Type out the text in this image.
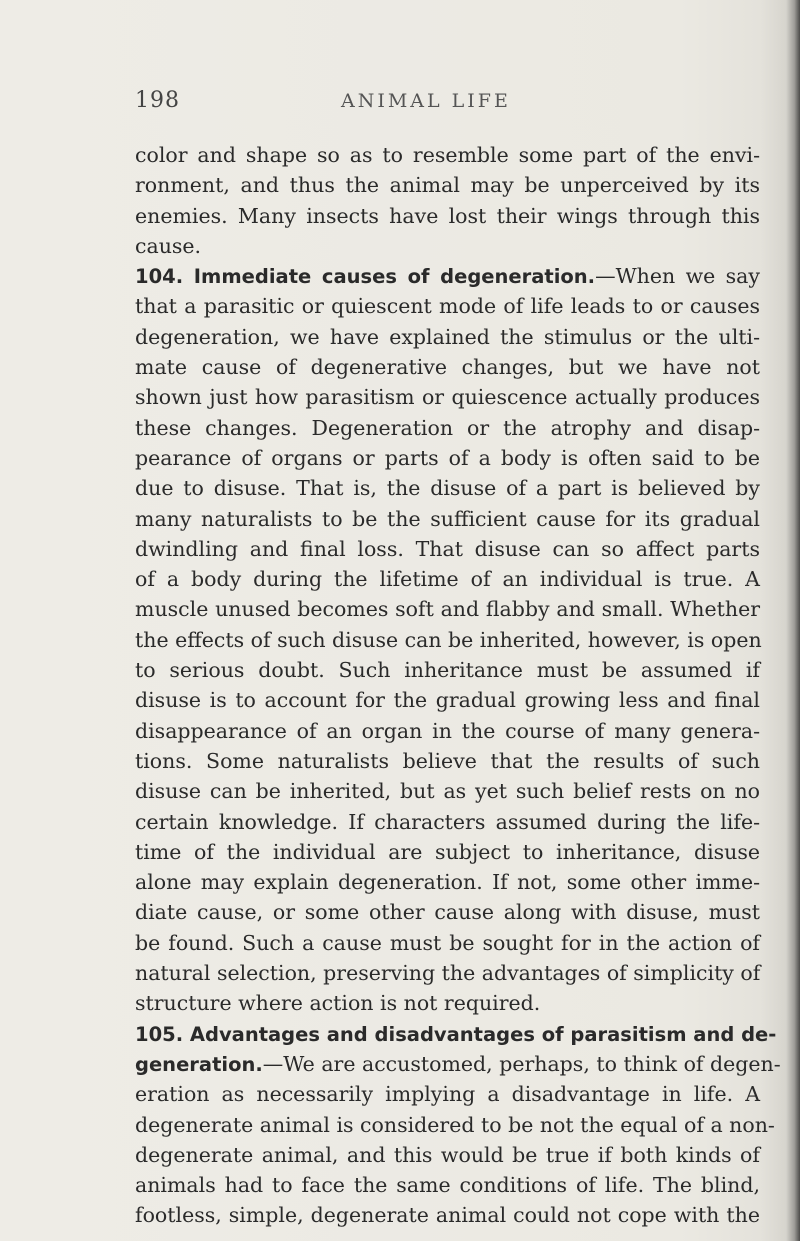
198	ANIMAL LIFE
color and shape so as to resemble some part of the envi-
ronment, and thus the animal may be unperceived by its
enemies. Many insects have lost their wings through this
cause.
104. Immediate causes of degeneration.—When we say
that a parasitic or quiescent mode of life leads to or causes
degeneration, we have explained the stimulus or the ulti-
mate cause of degenerative changes, but we have not
shown just how parasitism or quiescence actually produces
these changes. Degeneration or the atrophy and disap-
pearance of organs or parts of a body is often said to be
due to disuse. That is, the disuse of a part is believed by
many naturalists to be the sufficient cause for its gradual
dwindling and final loss. That disuse can so affect parts
of a body during the lifetime of an individual is true. A
muscle unused becomes soft and flabby and small. Whether
the effects of such disuse can be inherited, however, is open
to serious doubt. Such inheritance must be assumed if
disuse is to account for the gradual growing less and final
disappearance of an organ in the course of many genera-
tions. Some naturalists believe that the results of such
disuse can be inherited, but as yet such belief rests on no
certain knowledge. If characters assumed during the life-
time of the individual are subject to inheritance, disuse
alone may explain degeneration. If not, some other imme-
diate cause, or some other cause along with disuse, must
be found. Such a cause must be sought for in the action of
natural selection, preserving the advantages of simplicity of
structure where action is not required.
105. Advantages and disadvantages of parasitism and de-
generation.—We are accustomed, perhaps, to think of degen-
eration as necessarily implying a disadvantage in life. A
degenerate animal is considered to be not the equal of a non-
degenerate animal, and this would be true if both kinds of
animals had to face the same conditions of life. The blind,
footless, simple, degenerate animal could not cope with the
